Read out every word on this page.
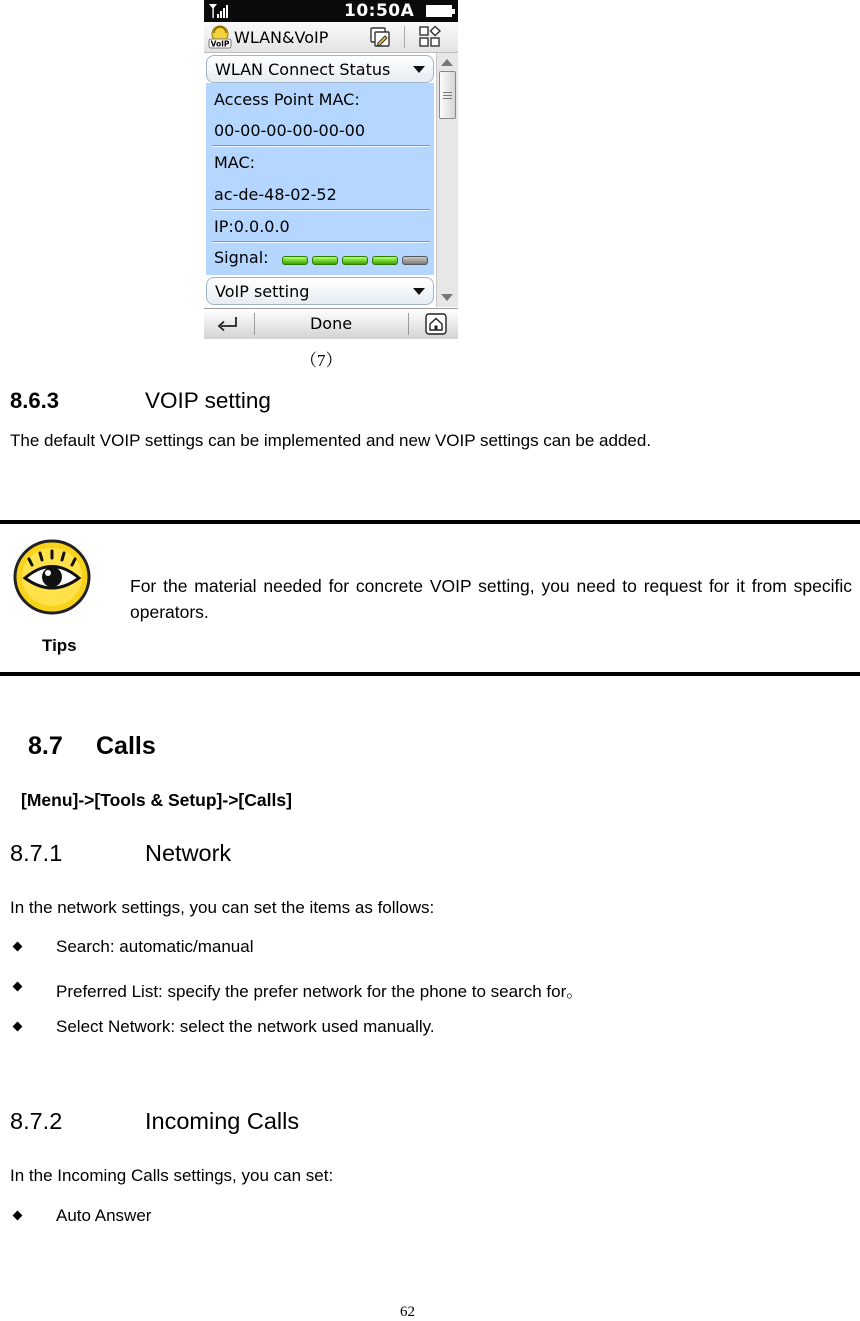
10:50A
VoIP WLAN&VoIP
WLAN Connect Status
Access Point MAC:
00-00-00-00-00-00
MAC:
ac-de-48-02-52
IP:0.0.0.0
Signal:
VoIP setting
Done
（7）
8.6.3	VOIP setting
The default VOIP settings can be implemented and new VOIP settings can be added.
For the material needed for concrete VOIP setting, you need to request for it from specific operators.
Tips
8.7 Calls
[Menu]->[Tools & Setup]->[Calls]
8.7.1	Network
In the network settings, you can set the items as follows:
Search: automatic/manual
Preferred List: specify the prefer network for the phone to search for。
Select Network: select the network used manually.
8.7.2	Incoming Calls
In the Incoming Calls settings, you can set:
Auto Answer
62
